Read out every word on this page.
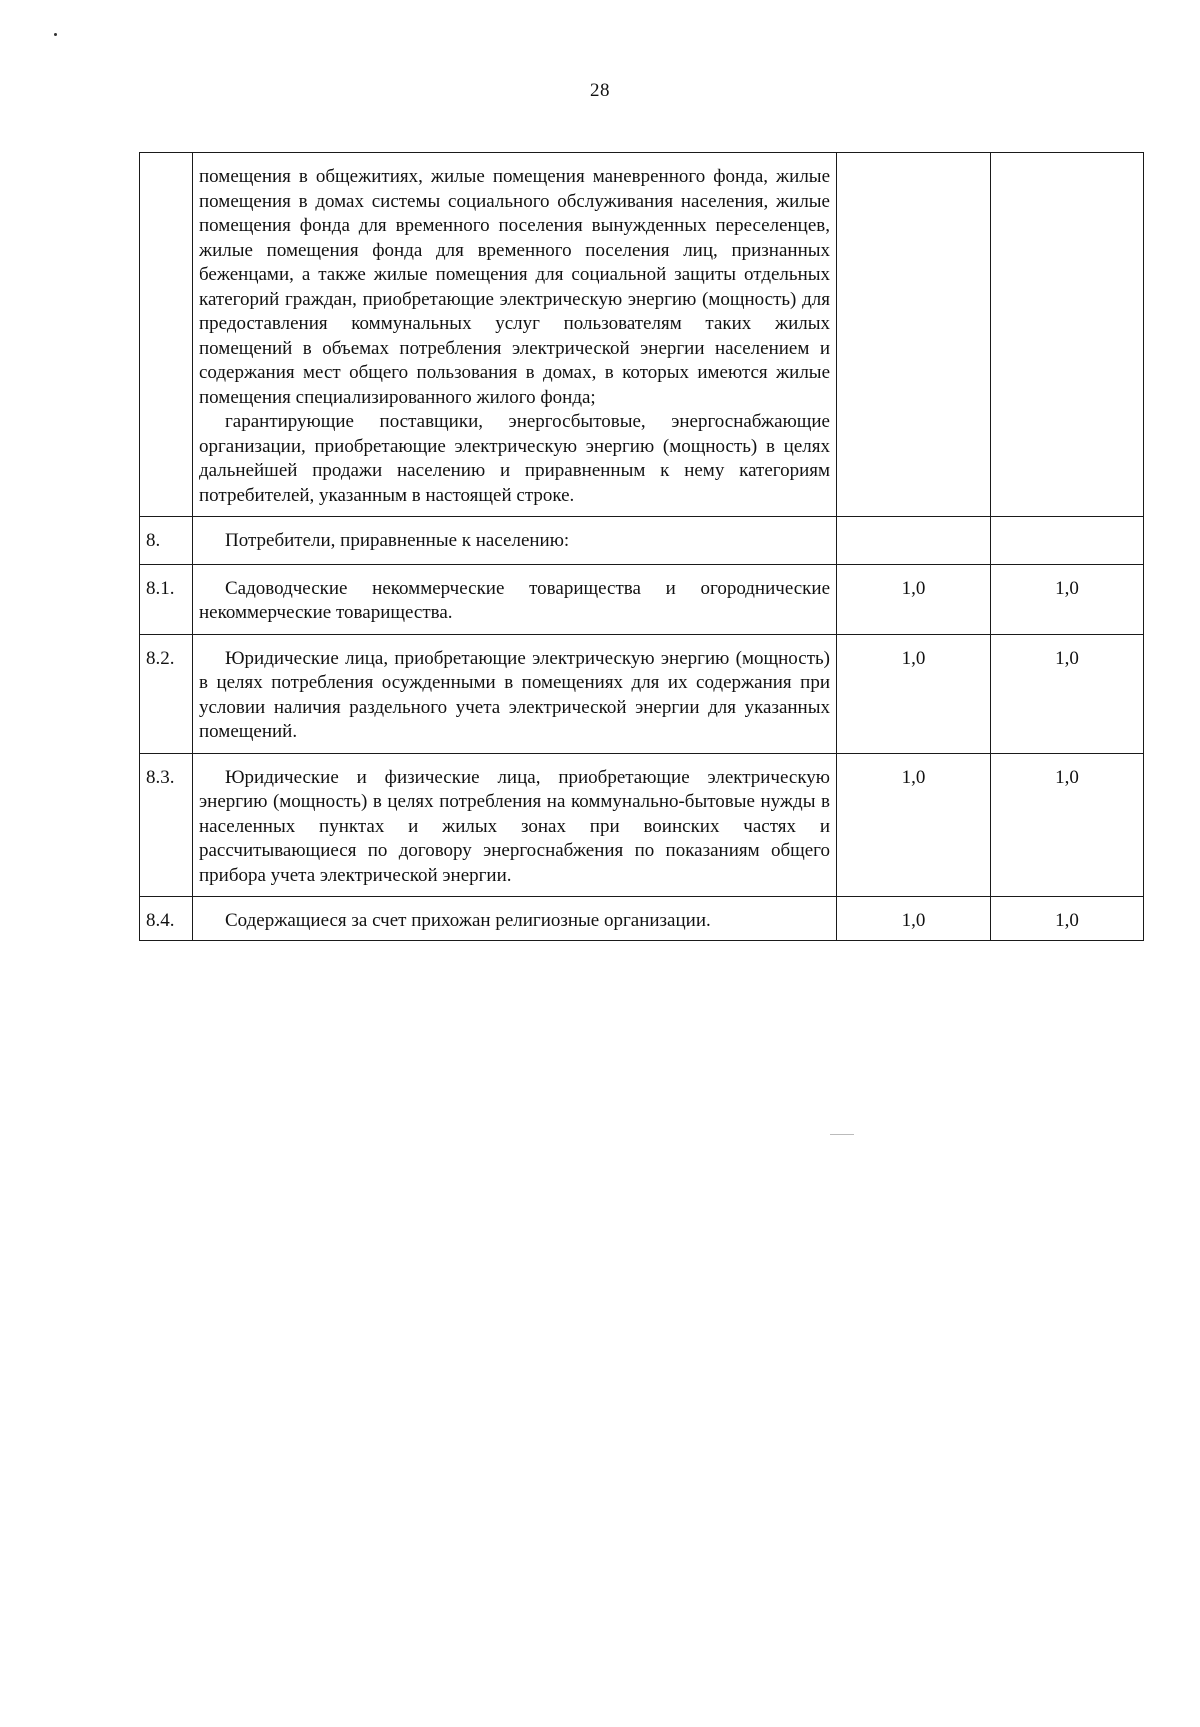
28

	помещения в общежитиях, жилые помещения маневренного фонда, жилые помещения в домах системы социального обслуживания населения, жилые помещения фонда для временного поселения вынужденных переселенцев, жилые помещения фонда для временного поселения лиц, признанных беженцами, а также жилые помещения для социальной защиты отдельных категорий граждан, приобретающие электрическую энергию (мощность) для предоставления коммунальных услуг пользователям таких жилых помещений в объемах потребления электрической энергии населением и содержания мест общего пользования в домах, в которых имеются жилые помещения специализированного жилого фонда;

гарантирующие поставщики, энергосбытовые, энергоснабжающие организации, приобретающие электрическую энергию (мощность) в целях дальнейшей продажи населению и приравненным к нему категориям потребителей, указанным в настоящей строке.		

8.	Потребители, приравненные к населению:		

8.1.	Садоводческие некоммерческие товарищества и огороднические некоммерческие товарищества.	1,0	1,0
8.2.	Юридические лица, приобретающие электрическую энергию (мощность) в целях потребления осужденными в помещениях для их содержания при условии наличия раздельного учета электрической энергии для указанных помещений.	1,0	1,0
8.3.	Юридические и физические лица, приобретающие электрическую энергию (мощность) в целях потребления на коммунально-бытовые нужды в населенных пунктах и жилых зонах при воинских частях и рассчитывающиеся по договору энергоснабжения по показаниям общего прибора учета электрической энергии.	1,0	1,0
8.4.	Содержащиеся за счет прихожан религиозные организации.	1,0	1,0
